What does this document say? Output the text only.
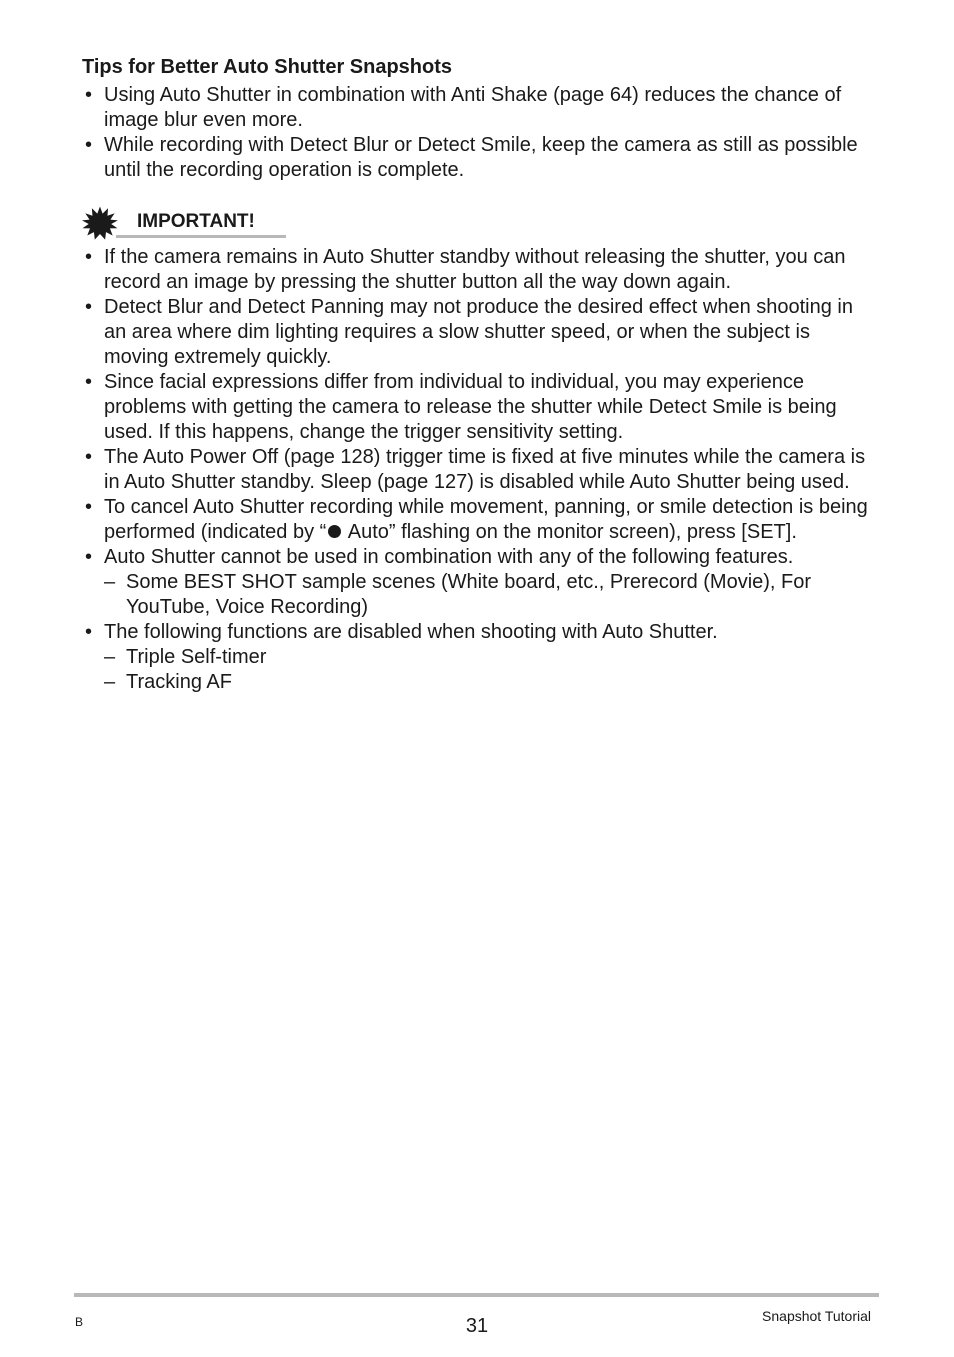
Tips for Better Auto Shutter Snapshots
• Using Auto Shutter in combination with Anti Shake (page 64) reduces the chance of image blur even more.
• While recording with Detect Blur or Detect Smile, keep the camera as still as possible until the recording operation is complete.
IMPORTANT!
• If the camera remains in Auto Shutter standby without releasing the shutter, you can record an image by pressing the shutter button all the way down again.
• Detect Blur and Detect Panning may not produce the desired effect when shooting in an area where dim lighting requires a slow shutter speed, or when the subject is moving extremely quickly.
• Since facial expressions differ from individual to individual, you may experience problems with getting the camera to release the shutter while Detect Smile is being used. If this happens, change the trigger sensitivity setting.
• The Auto Power Off (page 128) trigger time is fixed at five minutes while the camera is in Auto Shutter standby. Sleep (page 127) is disabled while Auto Shutter being used.
• To cancel Auto Shutter recording while movement, panning, or smile detection is being performed (indicated by “ Auto” flashing on the monitor screen), press [SET].
• Auto Shutter cannot be used in combination with any of the following features.
– Some BEST SHOT sample scenes (White board, etc., Prerecord (Movie), For YouTube, Voice Recording)
• The following functions are disabled when shooting with Auto Shutter.
– Triple Self-timer
– Tracking AF
B	31	Snapshot Tutorial
